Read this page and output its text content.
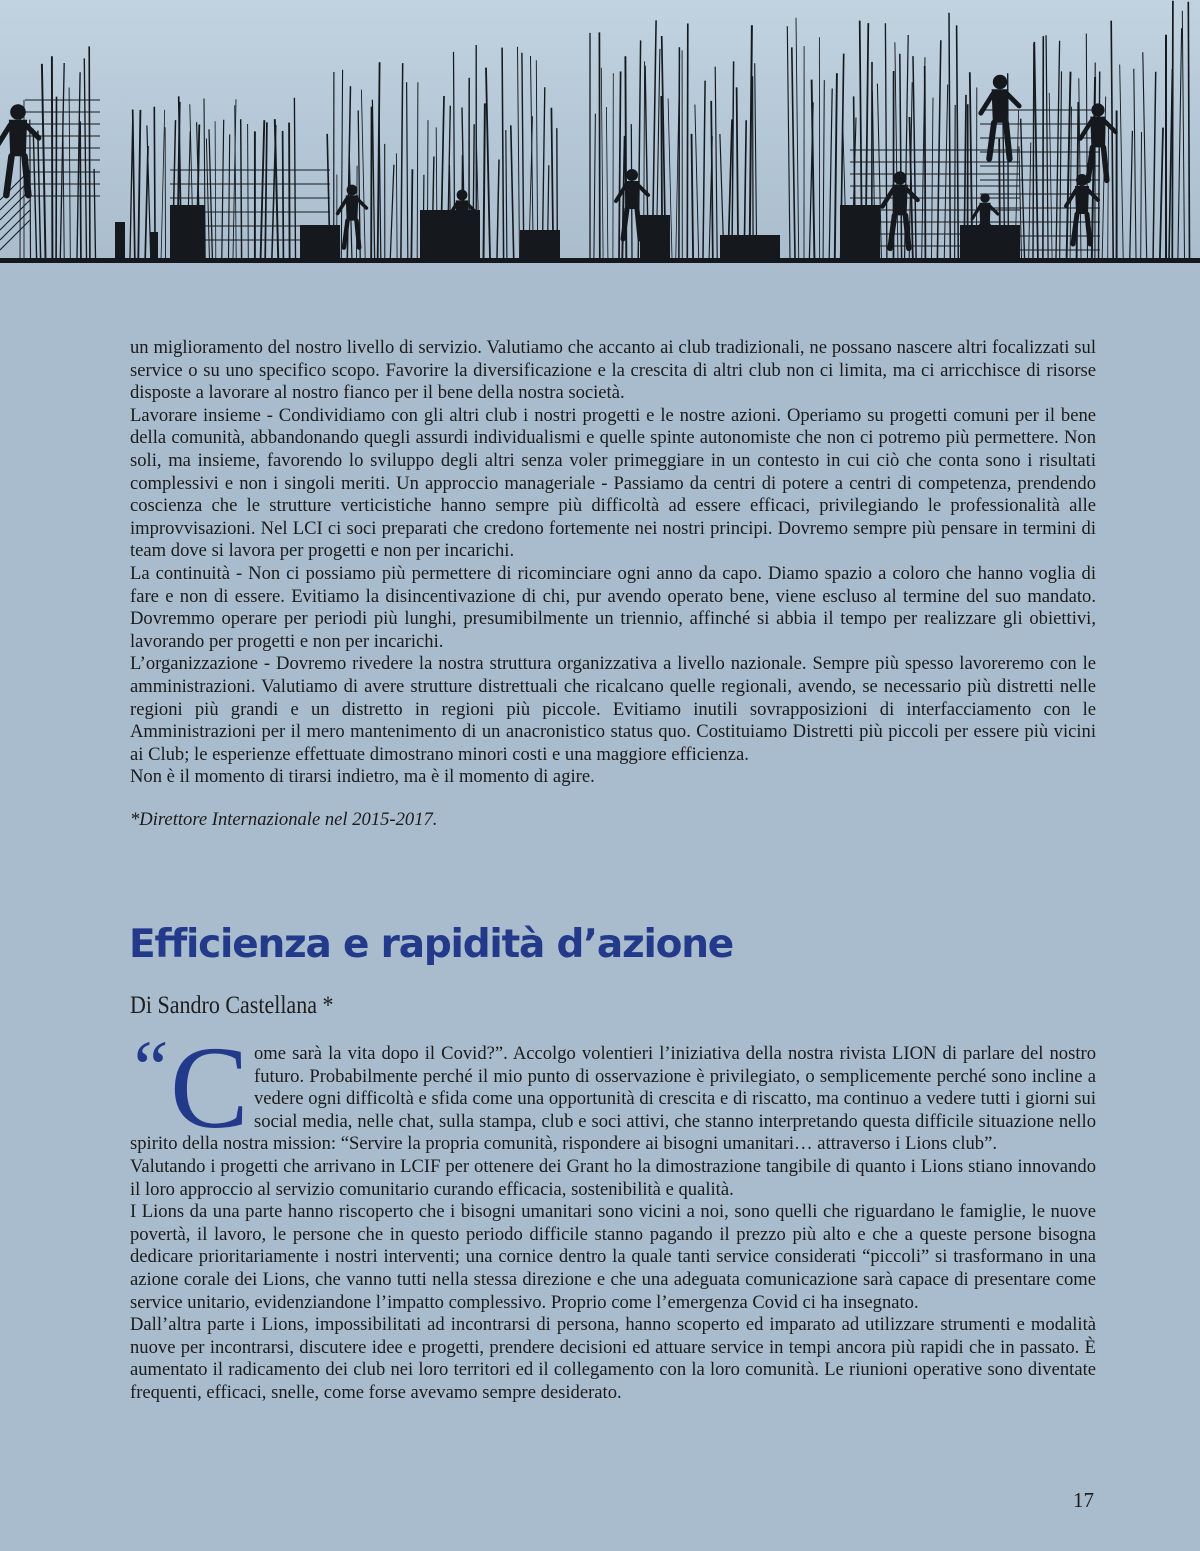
un miglioramento del nostro livello di servizio. Valutiamo che accanto ai club tradizionali, ne possano nascere altri focalizzati sul service o su uno specifico scopo. Favorire la diversificazione e la crescita di altri club non ci limita, ma ci arricchisce di risorse disposte a lavorare al nostro fianco per il bene della nostra società.

Lavorare insieme - Condividiamo con gli altri club i nostri progetti e le nostre azioni. Operiamo su progetti comuni per il bene della comunità, abbandonando quegli assurdi individualismi e quelle spinte autonomiste che non ci potremo più permettere. Non soli, ma insieme, favorendo lo sviluppo degli altri senza voler primeggiare in un contesto in cui ciò che conta sono i risultati complessivi e non i singoli meriti. Un approccio manageriale - Passiamo da centri di potere a centri di competenza, prendendo coscienza che le strutture verticistiche hanno sempre più difficoltà ad essere efficaci, privilegiando le professionalità alle improvvisazioni. Nel LCI ci soci preparati che credono fortemente nei nostri principi. Dovremo sempre più pensare in termini di team dove si lavora per progetti e non per incarichi.

La continuità - Non ci possiamo più permettere di ricominciare ogni anno da capo. Diamo spazio a coloro che hanno voglia di fare e non di essere. Evitiamo la disincentivazione di chi, pur avendo operato bene, viene escluso al termine del suo mandato. Dovremmo operare per periodi più lunghi, presumibilmente un triennio, affinché si abbia il tempo per realizzare gli obiettivi, lavorando per progetti e non per incarichi.

L’organizzazione - Dovremo rivedere la nostra struttura organizzativa a livello nazionale. Sempre più spesso lavoreremo con le amministrazioni. Valutiamo di avere strutture distrettuali che ricalcano quelle regionali, avendo, se necessario più distretti nelle regioni più grandi e un distretto in regioni più piccole. Evitiamo inutili sovrapposizioni di interfacciamento con le Amministrazioni per il mero mantenimento di un anacronistico status quo. Costituiamo Distretti più piccoli per essere più vicini ai Club; le esperienze effettuate dimostrano minori costi e una maggiore efficienza.

Non è il momento di tirarsi indietro, ma è il momento di agire.

*Direttore Internazionale nel 2015-2017.

Efficienza e rapidità d’azione
Di Sandro Castellana *

“ C ome sarà la vita dopo il Covid?”. Accolgo volentieri l’iniziativa della nostra rivista LION di parlare del nostro futuro. Probabilmente perché il mio punto di osservazione è privilegiato, o semplicemente perché sono incline a vedere ogni difficoltà e sfida come una opportunità di crescita e di riscatto, ma continuo a vedere tutti i giorni sui social media, nelle chat, sulla stampa, club e soci attivi, che stanno interpretando questa difficile situazione nello spirito della nostra mission: “Servire la propria comunità, rispondere ai bisogni umanitari… attraverso i Lions club”.

Valutando i progetti che arrivano in LCIF per ottenere dei Grant ho la dimostrazione tangibile di quanto i Lions stiano innovando il loro approccio al servizio comunitario curando efficacia, sostenibilità e qualità.

I Lions da una parte hanno riscoperto che i bisogni umanitari sono vicini a noi, sono quelli che riguardano le famiglie, le nuove povertà, il lavoro, le persone che in questo periodo difficile stanno pagando il prezzo più alto e che a queste persone bisogna dedicare prioritariamente i nostri interventi; una cornice dentro la quale tanti service considerati “piccoli” si trasformano in una azione corale dei Lions, che vanno tutti nella stessa direzione e che una adeguata comunicazione sarà capace di presentare come service unitario, evidenziandone l’impatto complessivo. Proprio come l’emergenza Covid ci ha insegnato.

Dall’altra parte i Lions, impossibilitati ad incontrarsi di persona, hanno scoperto ed imparato ad utilizzare strumenti e modalità nuove per incontrarsi, discutere idee e progetti, prendere decisioni ed attuare service in tempi ancora più rapidi che in passato. È aumentato il radicamento dei club nei loro territori ed il collegamento con la loro comunità. Le riunioni operative sono diventate frequenti, efficaci, snelle, come forse avevamo sempre desiderato.

17
